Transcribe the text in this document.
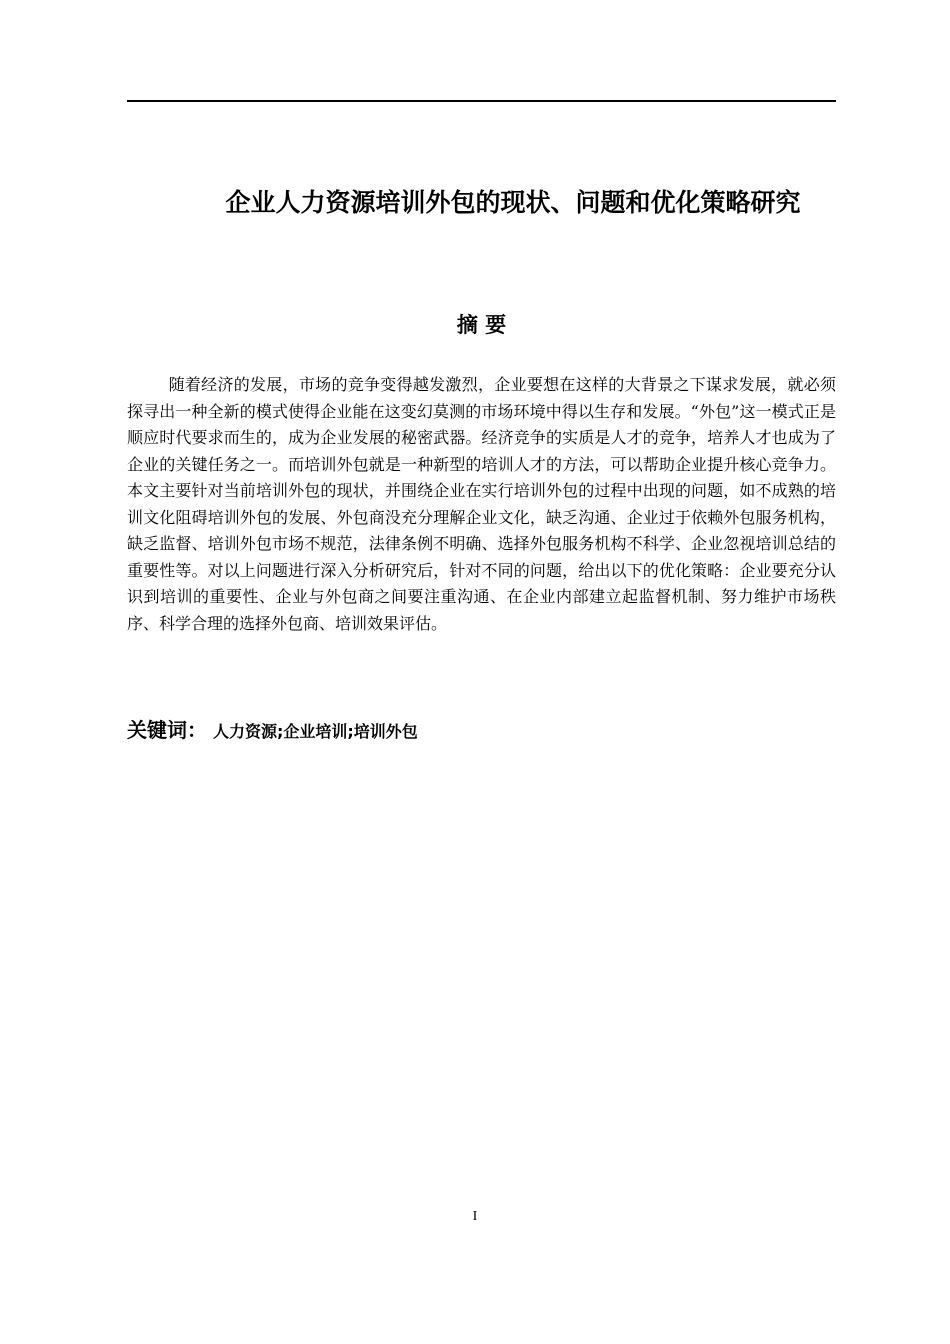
企业人力资源培训外包的现状、问题和优化策略研究
摘 要

随着经济的发展，市场的竞争变得越发激烈，企业要想在这样的大背景之下谋求发展，就必须探寻出一种全新的模式使得企业能在这变幻莫测的市场环境中得以生存和发展。“外包”这一模式正是顺应时代要求而生的，成为企业发展的秘密武器。经济竞争的实质是人才的竞争，培养人才也成为了企业的关键任务之一。而培训外包就是一种新型的培训人才的方法，可以帮助企业提升核心竞争力。本文主要针对当前培训外包的现状，并围绕企业在实行培训外包的过程中出现的问题，如不成熟的培训文化阻碍培训外包的发展、外包商没充分理解企业文化，缺乏沟通、企业过于依赖外包服务机构，缺乏监督、培训外包市场不规范，法律条例不明确、选择外包服务机构不科学、企业忽视培训总结的重要性等。对以上问题进行深入分析研究后，针对不同的问题，给出以下的优化策略：企业要充分认识到培训的重要性、企业与外包商之间要注重沟通、在企业内部建立起监督机制、努力维护市场秩序、科学合理的选择外包商、培训效果评估。

关键词： 人力资源;企业培训;培训外包
I
